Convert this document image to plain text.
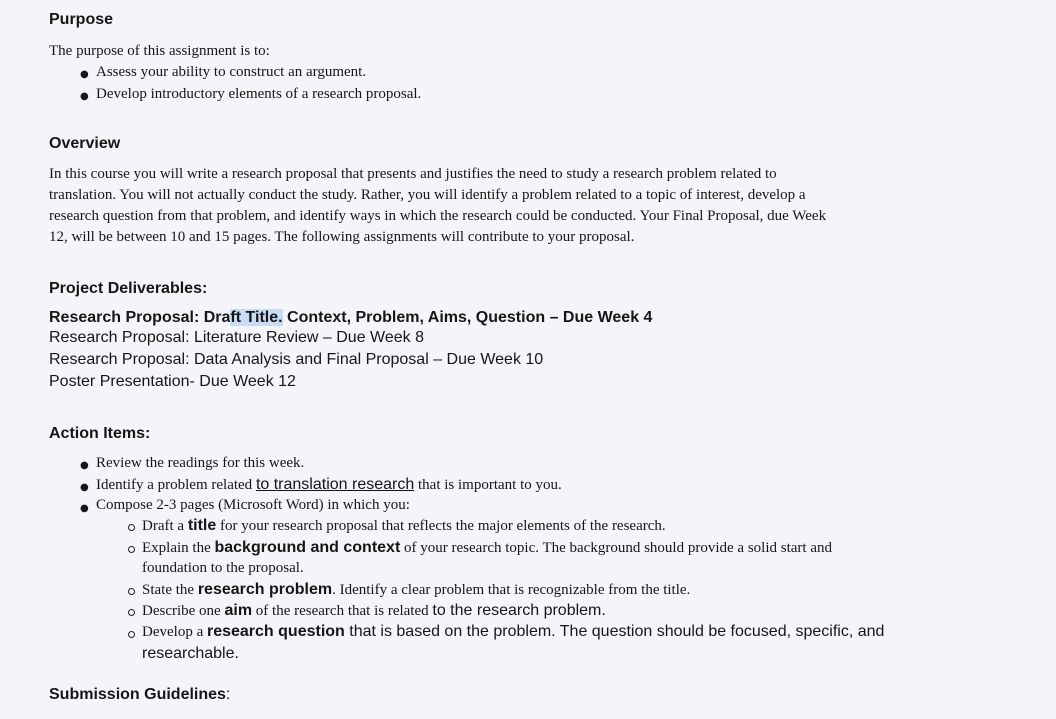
Purpose
The purpose of this assignment is to:
● Assess your ability to construct an argument.
● Develop introductory elements of a research proposal.
Overview
In this course you will write a research proposal that presents and justifies the need to study a research problem related to
translation. You will not actually conduct the study. Rather, you will identify a problem related to a topic of interest, develop a
research question from that problem, and identify ways in which the research could be conducted. Your Final Proposal, due Week
12, will be between 10 and 15 pages. The following assignments will contribute to your proposal.
Project Deliverables:
Research Proposal: Draft Title. Context, Problem, Aims, Question – Due Week 4
Research Proposal: Literature Review – Due Week 8
Research Proposal: Data Analysis and Final Proposal – Due Week 10
Poster Presentation- Due Week 12
Action Items:
● Review the readings for this week.
● Identify a problem related to translation research that is important to you.
● Compose 2-3 pages (Microsoft Word) in which you:
Draft a title for your research proposal that reflects the major elements of the research.
Explain the background and context of your research topic. The background should provide a solid start and
foundation to the proposal.
State the research problem. Identify a clear problem that is recognizable from the title.
Describe one aim of the research that is related to the research problem.
Develop a research question that is based on the problem. The question should be focused, specific, and
researchable.
Submission Guidelines:
